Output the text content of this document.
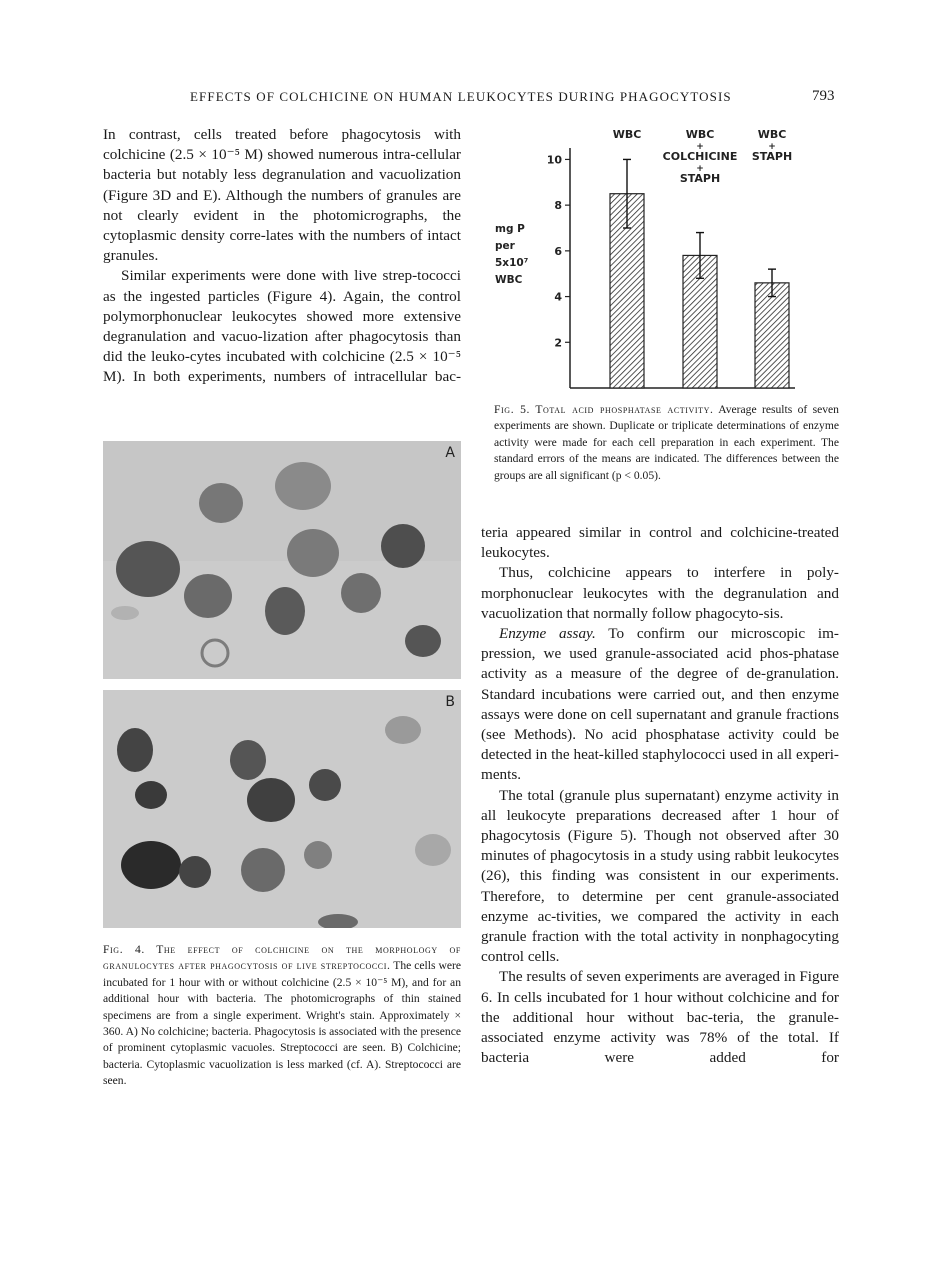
EFFECTS OF COLCHICINE ON HUMAN LEUKOCYTES DURING PHAGOCYTOSIS	793

In contrast, cells treated before phagocytosis with colchicine (2.5 × 10⁻⁵ M) showed numerous intra-cellular bacteria but notably less degranulation and vacuolization (Figure 3D and E). Although the numbers of granules are not clearly evident in the photomicrographs, the cytoplasmic density corre-lates with the numbers of intact granules.

Similar experiments were done with live strep-tococci as the ingested particles (Figure 4). Again, the control polymorphonuclear leukocytes showed more extensive degranulation and vacuo-lization after phagocytosis than did the leuko-cytes incubated with colchicine (2.5 × 10⁻⁵ M). In both experiments, numbers of intracellular bac-

A
B
Fig. 4. The effect of colchicine on the morphology of granulocytes after phagocytosis of live streptococci. The cells were incubated for 1 hour with or without colchicine (2.5 × 10⁻⁵ M), and for an additional hour with bacteria. The photomicrographs of thin stained specimens are from a single experiment. Wright's stain. Approximately × 360. A) No colchicine; bacteria. Phagocytosis is associated with the presence of prominent cytoplasmic vacuoles. Streptococci are seen. B) Colchicine; bacteria. Cytoplasmic vacuolization is less marked (cf. A). Streptococci are seen.
2
4
6
8
10
mg P
per
5x10⁷
WBC
WBC	WBC
+
COLCHICINE
+
STAPH
WBC
+
STAPH
Fig. 5. Total acid phosphatase activity. Average results of seven experiments are shown. Duplicate or triplicate determinations of enzyme activity were made for each cell preparation in each experiment. The standard errors of the means are indicated. The differences between the groups are all significant (p < 0.05).

teria appeared similar in control and colchicine-treated leukocytes.

Thus, colchicine appears to interfere in poly-morphonuclear leukocytes with the degranulation and vacuolization that normally follow phagocyto-sis.

Enzyme assay. To confirm our microscopic im-pression, we used granule-associated acid phos-phatase activity as a measure of the degree of de-granulation. Standard incubations were carried out, and then enzyme assays were done on cell supernatant and granule fractions (see Methods). No acid phosphatase activity could be detected in the heat-killed staphylococci used in all experi-ments.

The total (granule plus supernatant) enzyme activity in all leukocyte preparations decreased after 1 hour of phagocytosis (Figure 5). Though not observed after 30 minutes of phagocytosis in a study using rabbit leukocytes (26), this finding was consistent in our experiments. Therefore, to determine per cent granule-associated enzyme ac-tivities, we compared the activity in each granule fraction with the total activity in nonphagocyting control cells.

The results of seven experiments are averaged in Figure 6. In cells incubated for 1 hour without colchicine and for the additional hour without bac-teria, the granule-associated enzyme activity was 78% of the total. If bacteria were added for
